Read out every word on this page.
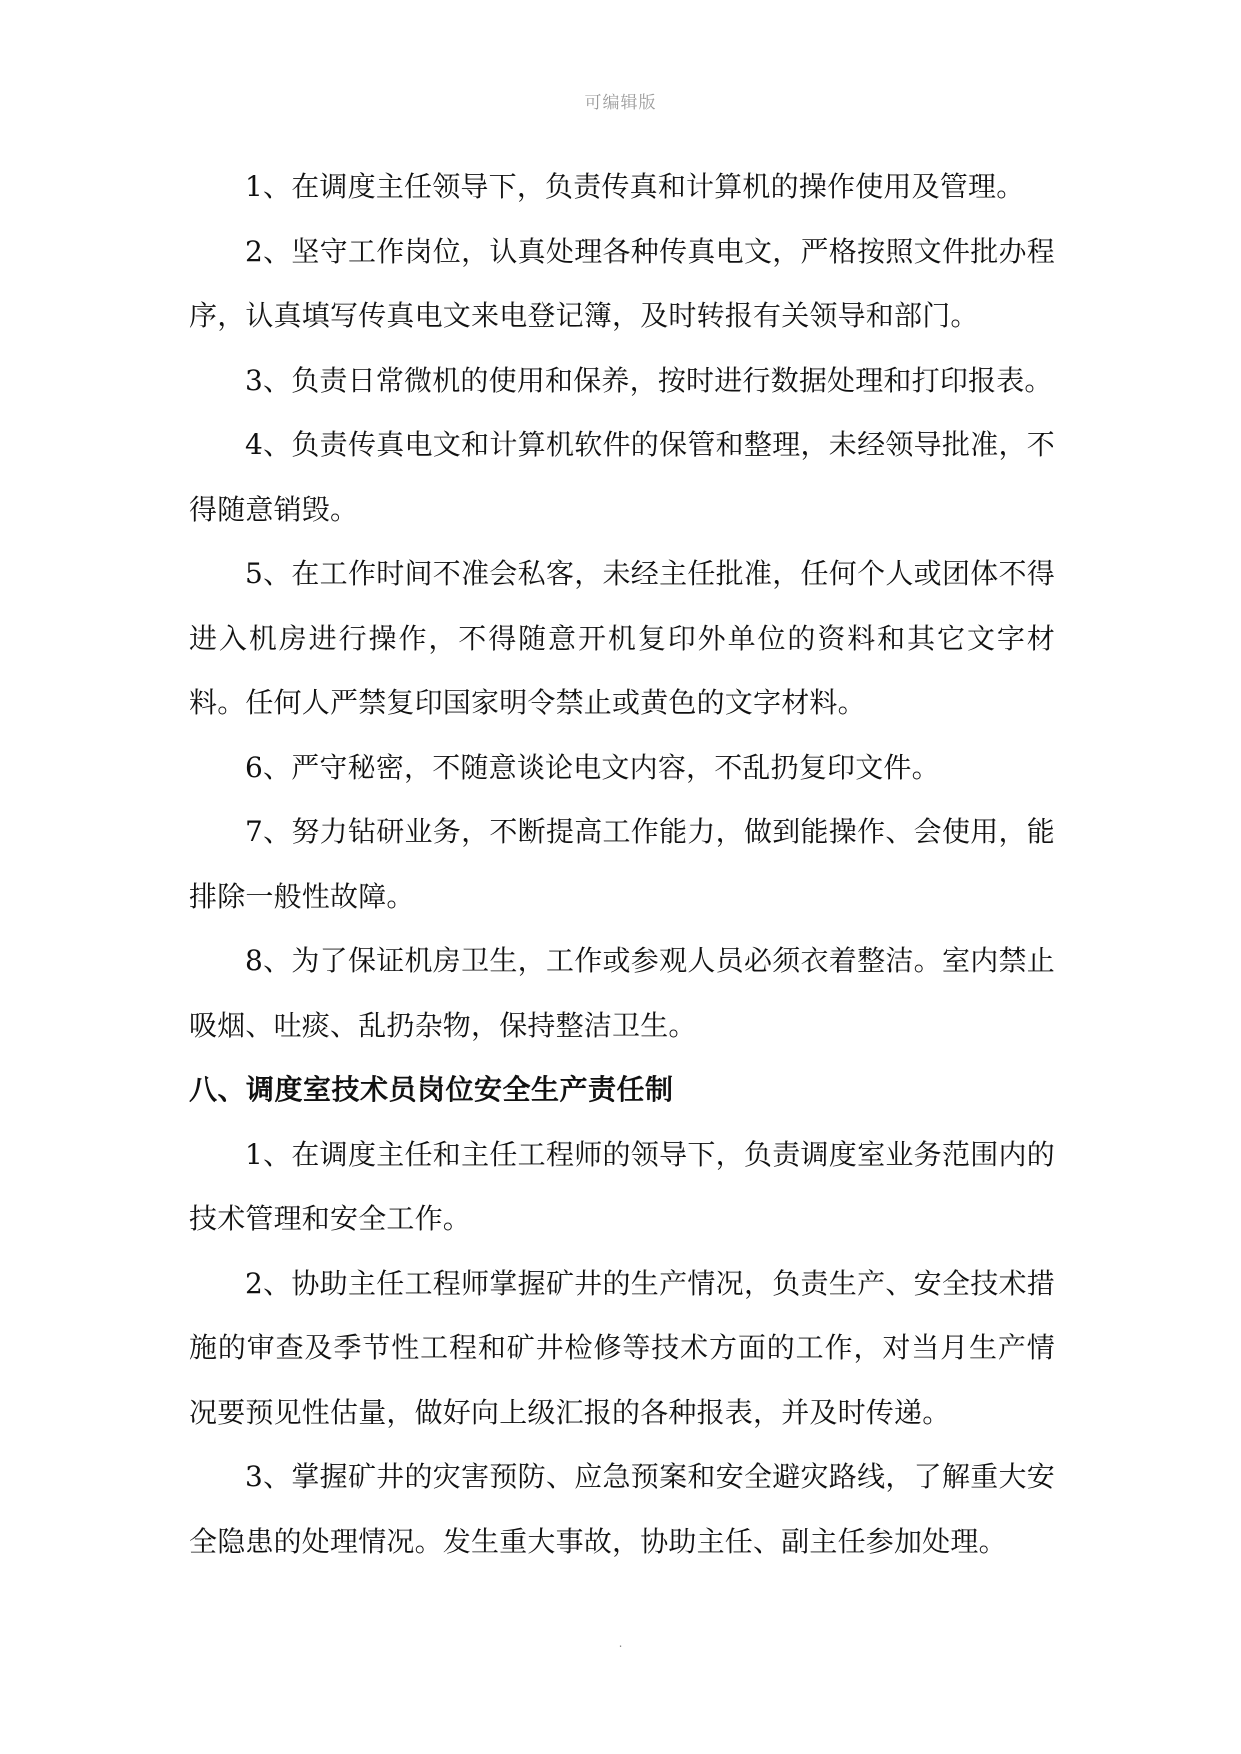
可编辑版

1、在调度主任领导下，负责传真和计算机的操作使用及管理。

2、坚守工作岗位，认真处理各种传真电文，严格按照文件批办程序，认真填写传真电文来电登记簿，及时转报有关领导和部门。

3、负责日常微机的使用和保养，按时进行数据处理和打印报表。

4、负责传真电文和计算机软件的保管和整理，未经领导批准，不得随意销毁。

5、在工作时间不准会私客，未经主任批准，任何个人或团体不得进入机房进行操作，不得随意开机复印外单位的资料和其它文字材料。任何人严禁复印国家明令禁止或黄色的文字材料。

6、严守秘密，不随意谈论电文内容，不乱扔复印文件。

7、努力钻研业务，不断提高工作能力，做到能操作、会使用，能排除一般性故障。

8、为了保证机房卫生，工作或参观人员必须衣着整洁。室内禁止吸烟、吐痰、乱扔杂物，保持整洁卫生。

八、调度室技术员岗位安全生产责任制

1、在调度主任和主任工程师的领导下，负责调度室业务范围内的技术管理和安全工作。

2、协助主任工程师掌握矿井的生产情况，负责生产、安全技术措施的审查及季节性工程和矿井检修等技术方面的工作，对当月生产情况要预见性估量，做好向上级汇报的各种报表，并及时传递。

3、掌握矿井的灾害预防、应急预案和安全避灾路线，了解重大安全隐患的处理情况。发生重大事故，协助主任、副主任参加处理。

.
